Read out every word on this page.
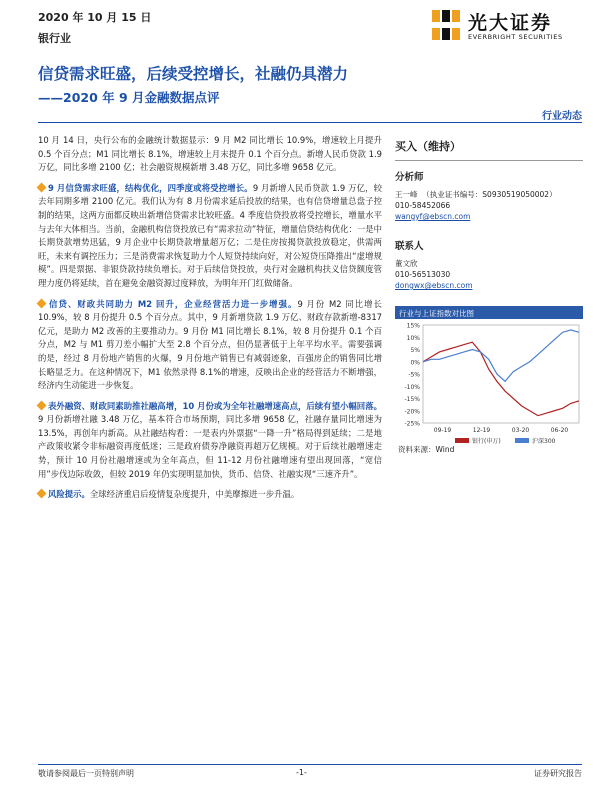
2020 年 10 月 15 日
银行业
光大证券
EVERBRIGHT SECURITIES
信贷需求旺盛，后续受控增长，社融仍具潜力
——2020 年 9 月金融数据点评
行业动态

10 月 14 日，央行公布的金融统计数据显示：9 月 M2 同比增长 10.9%，增速较上月提升 0.5 个百分点；M1 同比增长 8.1%，增速较上月末提升 0.1 个百分点。新增人民币贷款 1.9 万亿，同比多增 2100 亿；社会融资规模新增 3.48 万亿，同比多增 9658 亿元。

9 月信贷需求旺盛，结构优化，四季度或将受控增长。9 月新增人民币贷款 1.9 万亿，较去年同期多增 2100 亿元。我们认为有 8 月份需求延后投放的结果，也有信贷增量总盘子控制的结果，这两方面都反映出新增信贷需求比较旺盛。4 季度信贷投放将受控增长，增量水平与去年大体相当。当前，金融机构信贷投放已有“需求拉动”特征，增量信贷结构优化：一是中长期贷款增势迅猛，9 月企业中长期贷款增量超万亿；二是住房按揭贷款投放稳定，供需两旺，未来有调控压力；三是消费需求恢复助力个人短贷持续向好，对公短贷压降推出“虚增规模”。四是票据、非银贷款持续负增长。对于后续信贷投放，央行对金融机构扶义信贷额度管理力度仍将延续，首在避免金融资源过度释放，为明年开门红做储备。

信贷、财政共同助力 M2 回升，企业经营活力进一步增强。9 月份 M2 同比增长 10.9%，较 8 月份提升 0.5 个百分点。其中，9 月新增贷款 1.9 万亿、财政存款新增-8317 亿元，是助力 M2 改善的主要推动力。9 月份 M1 同比增长 8.1%，较 8 月份提升 0.1 个百分点，M2 与 M1 剪刀差小幅扩大至 2.8 个百分点，但仍显著低于上年平均水平。需要强调的是，经过 8 月份地产销售的火爆，9 月份地产销售已有减弱迹象，百强房企的销售同比增长略显乏力。在这种情况下，M1 依然录得 8.1%的增速，反映出企业的经营活力不断增强，经济内生动能进一步恢复。

表外融资、财政同素助推社融高增，10 月份或为全年社融增速高点，后续有望小幅回落。9 月份新增社融 3.48 万亿，基本符合市场预期，同比多增 9658 亿，社融存量同比增速为 13.5%，再创年内新高。从社融结构看：一是表内外票据“一降一升”格局得到延续；二是地产政策收紧令非标融资再度低迷；三是政府债券净融资再超万亿规模。对于后续社融增速走势，预计 10 月份社融增速或为全年高点，但 11-12 月份社融增速有望出现回落，“宽信用”步伐边际收敛，但较 2019 年仍实现明显加快，货币、信贷、社融实现“三速齐升”。

风险提示。全球经济重启后疫情复杂度提升，中美摩擦进一步升温。

买入（维持）
分析师
王一峰 （执业证书编号：S0930519050002）
010-58452066
wangyf@ebscn.com
联系人
董文欣
010-56513030
dongwx@ebscn.com
行业与上证指数对比图
15%
10%
5%
0%
-5%
-10%
-15%
-20%
-25%
09-19	12-19	03-20	06-20
银行(申万)	沪深300
资料来源：Wind
敬请参阅最后一页特别声明	-1-	证券研究报告
